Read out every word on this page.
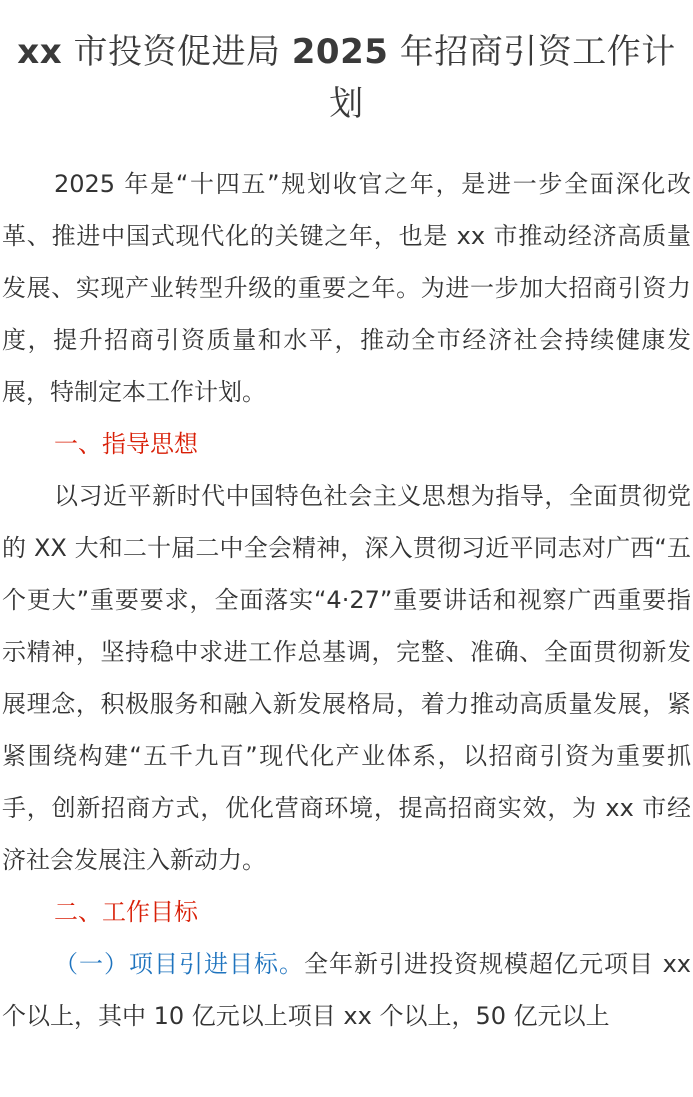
xx 市投资促进局 2025 年招商引资工作计划

2025 年是“十四五”规划收官之年，是进一步全面深化改革、推进中国式现代化的关键之年，也是 xx 市推动经济高质量发展、实现产业转型升级的重要之年。为进一步加大招商引资力度，提升招商引资质量和水平，推动全市经济社会持续健康发展，特制定本工作计划。

一、指导思想

以习近平新时代中国特色社会主义思想为指导，全面贯彻党的 XX 大和二十届二中全会精神，深入贯彻习近平同志对广西“五个更大”重要要求，全面落实“4·27”重要讲话和视察广西重要指示精神，坚持稳中求进工作总基调，完整、准确、全面贯彻新发展理念，积极服务和融入新发展格局，着力推动高质量发展，紧紧围绕构建“五千九百”现代化产业体系，以招商引资为重要抓手，创新招商方式，优化营商环境，提高招商实效，为 xx 市经济社会发展注入新动力。

二、工作目标

（一）项目引进目标。全年新引进投资规模超亿元项目 xx 个以上，其中 10 亿元以上项目 xx 个以上，50 亿元以上
